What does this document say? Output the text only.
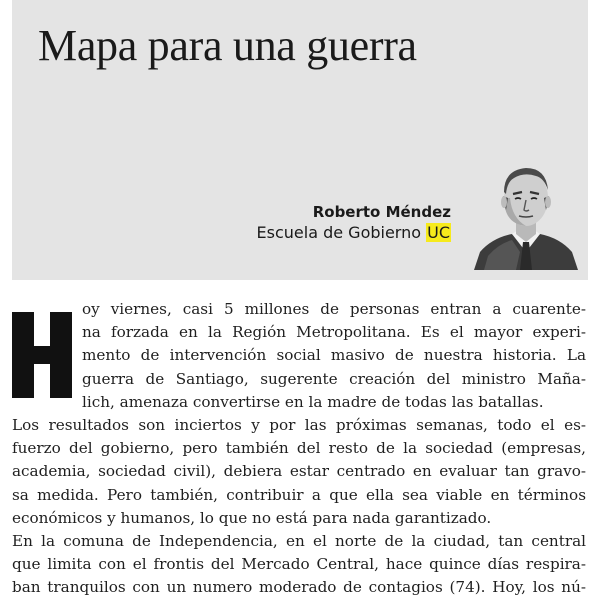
Mapa para una guerra
Roberto Méndez
Escuela de Gobierno UC

oy viernes, casi 5 millones de personas entran a cuarente-
na forzada en la Región Metropolitana. Es el mayor experi-
mento de intervención social masivo de nuestra historia. La
guerra de Santiago, sugerente creación del ministro Maña-
lich, amenaza convertirse en la madre de todas las batallas.

Los resultados son inciertos y por las próximas semanas, todo el es-
fuerzo del gobierno, pero también del resto de la sociedad (empresas,
academia, sociedad civil), debiera estar centrado en evaluar tan gravo-
sa medida. Pero también, contribuir a que ella sea viable en términos
económicos y humanos, lo que no está para nada garantizado.

En la comuna de Independencia, en el norte de la ciudad, tan central
que limita con el frontis del Mercado Central, hace quince días respira-
ban tranquilos con un numero moderado de contagios (74). Hoy, los nú-
